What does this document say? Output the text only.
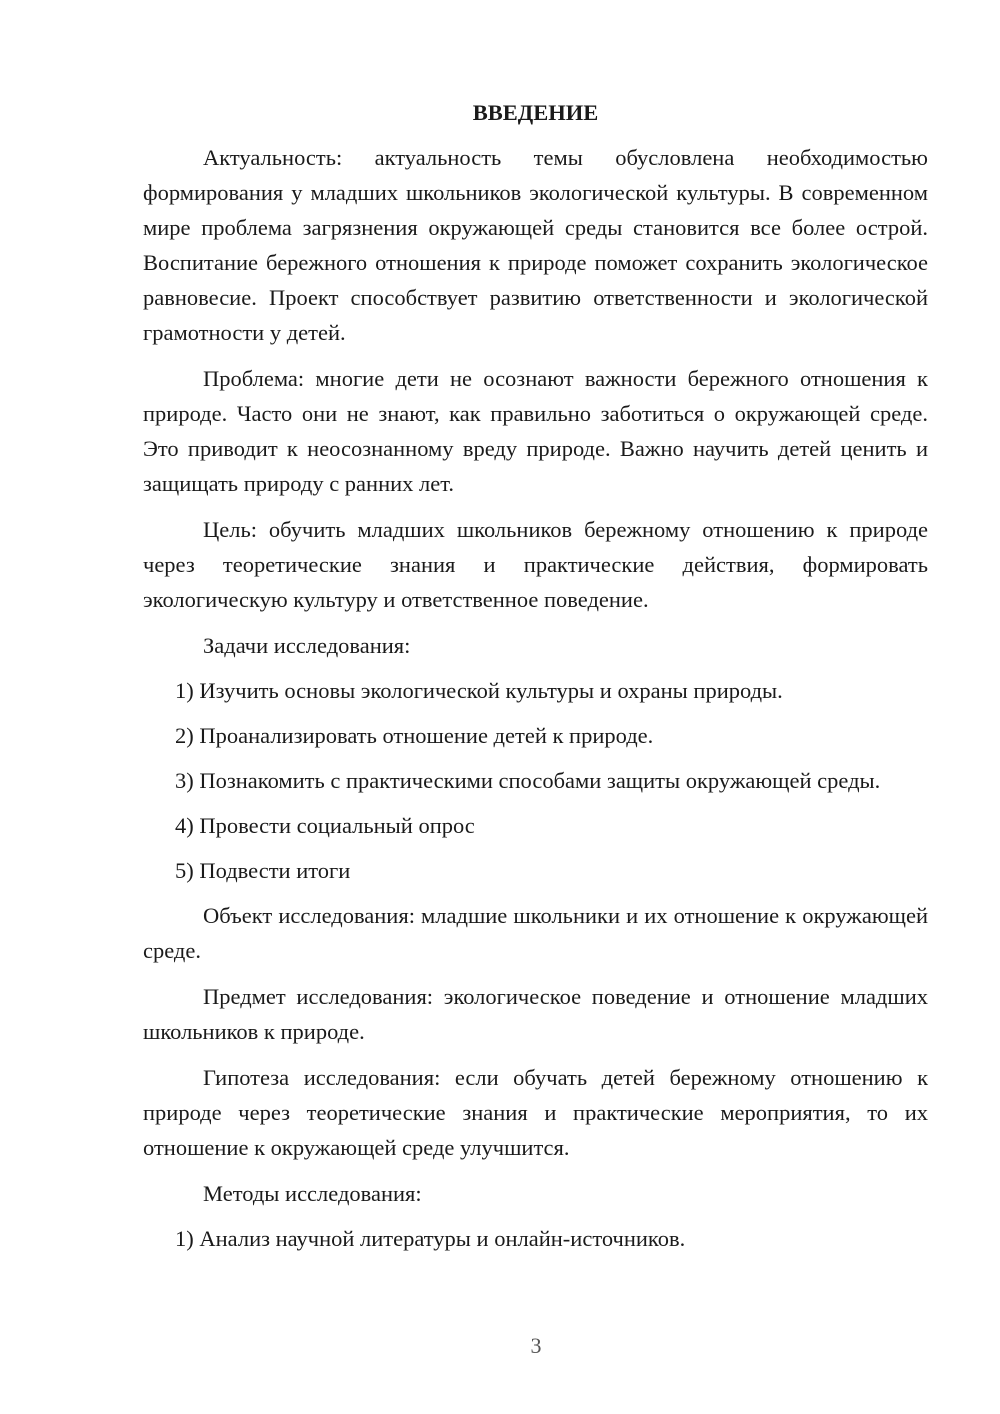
ВВЕДЕНИЕ

Актуальность: актуальность темы обусловлена необходимостью формирования у младших школьников экологической культуры. В современном мире проблема загрязнения окружающей среды становится все более острой. Воспитание бережного отношения к природе поможет сохранить экологическое равновесие. Проект способствует развитию ответственности и экологической грамотности у детей.

Проблема: многие дети не осознают важности бережного отношения к природе. Часто они не знают, как правильно заботиться о окружающей среде. Это приводит к неосознанному вреду природе. Важно научить детей ценить и защищать природу с ранних лет.

Цель: обучить младших школьников бережному отношению к природе через теоретические знания и практические действия, формировать экологическую культуру и ответственное поведение.

Задачи исследования:

1) Изучить основы экологической культуры и охраны природы.

2) Проанализировать отношение детей к природе.

3) Познакомить с практическими способами защиты окружающей среды.

4) Провести социальный опрос

5) Подвести итоги

Объект исследования: младшие школьники и их отношение к окружающей среде.

Предмет исследования: экологическое поведение и отношение младших школьников к природе.

Гипотеза исследования: если обучать детей бережному отношению к природе через теоретические знания и практические мероприятия, то их отношение к окружающей среде улучшится.

Методы исследования:

1) Анализ научной литературы и онлайн-источников.

3
